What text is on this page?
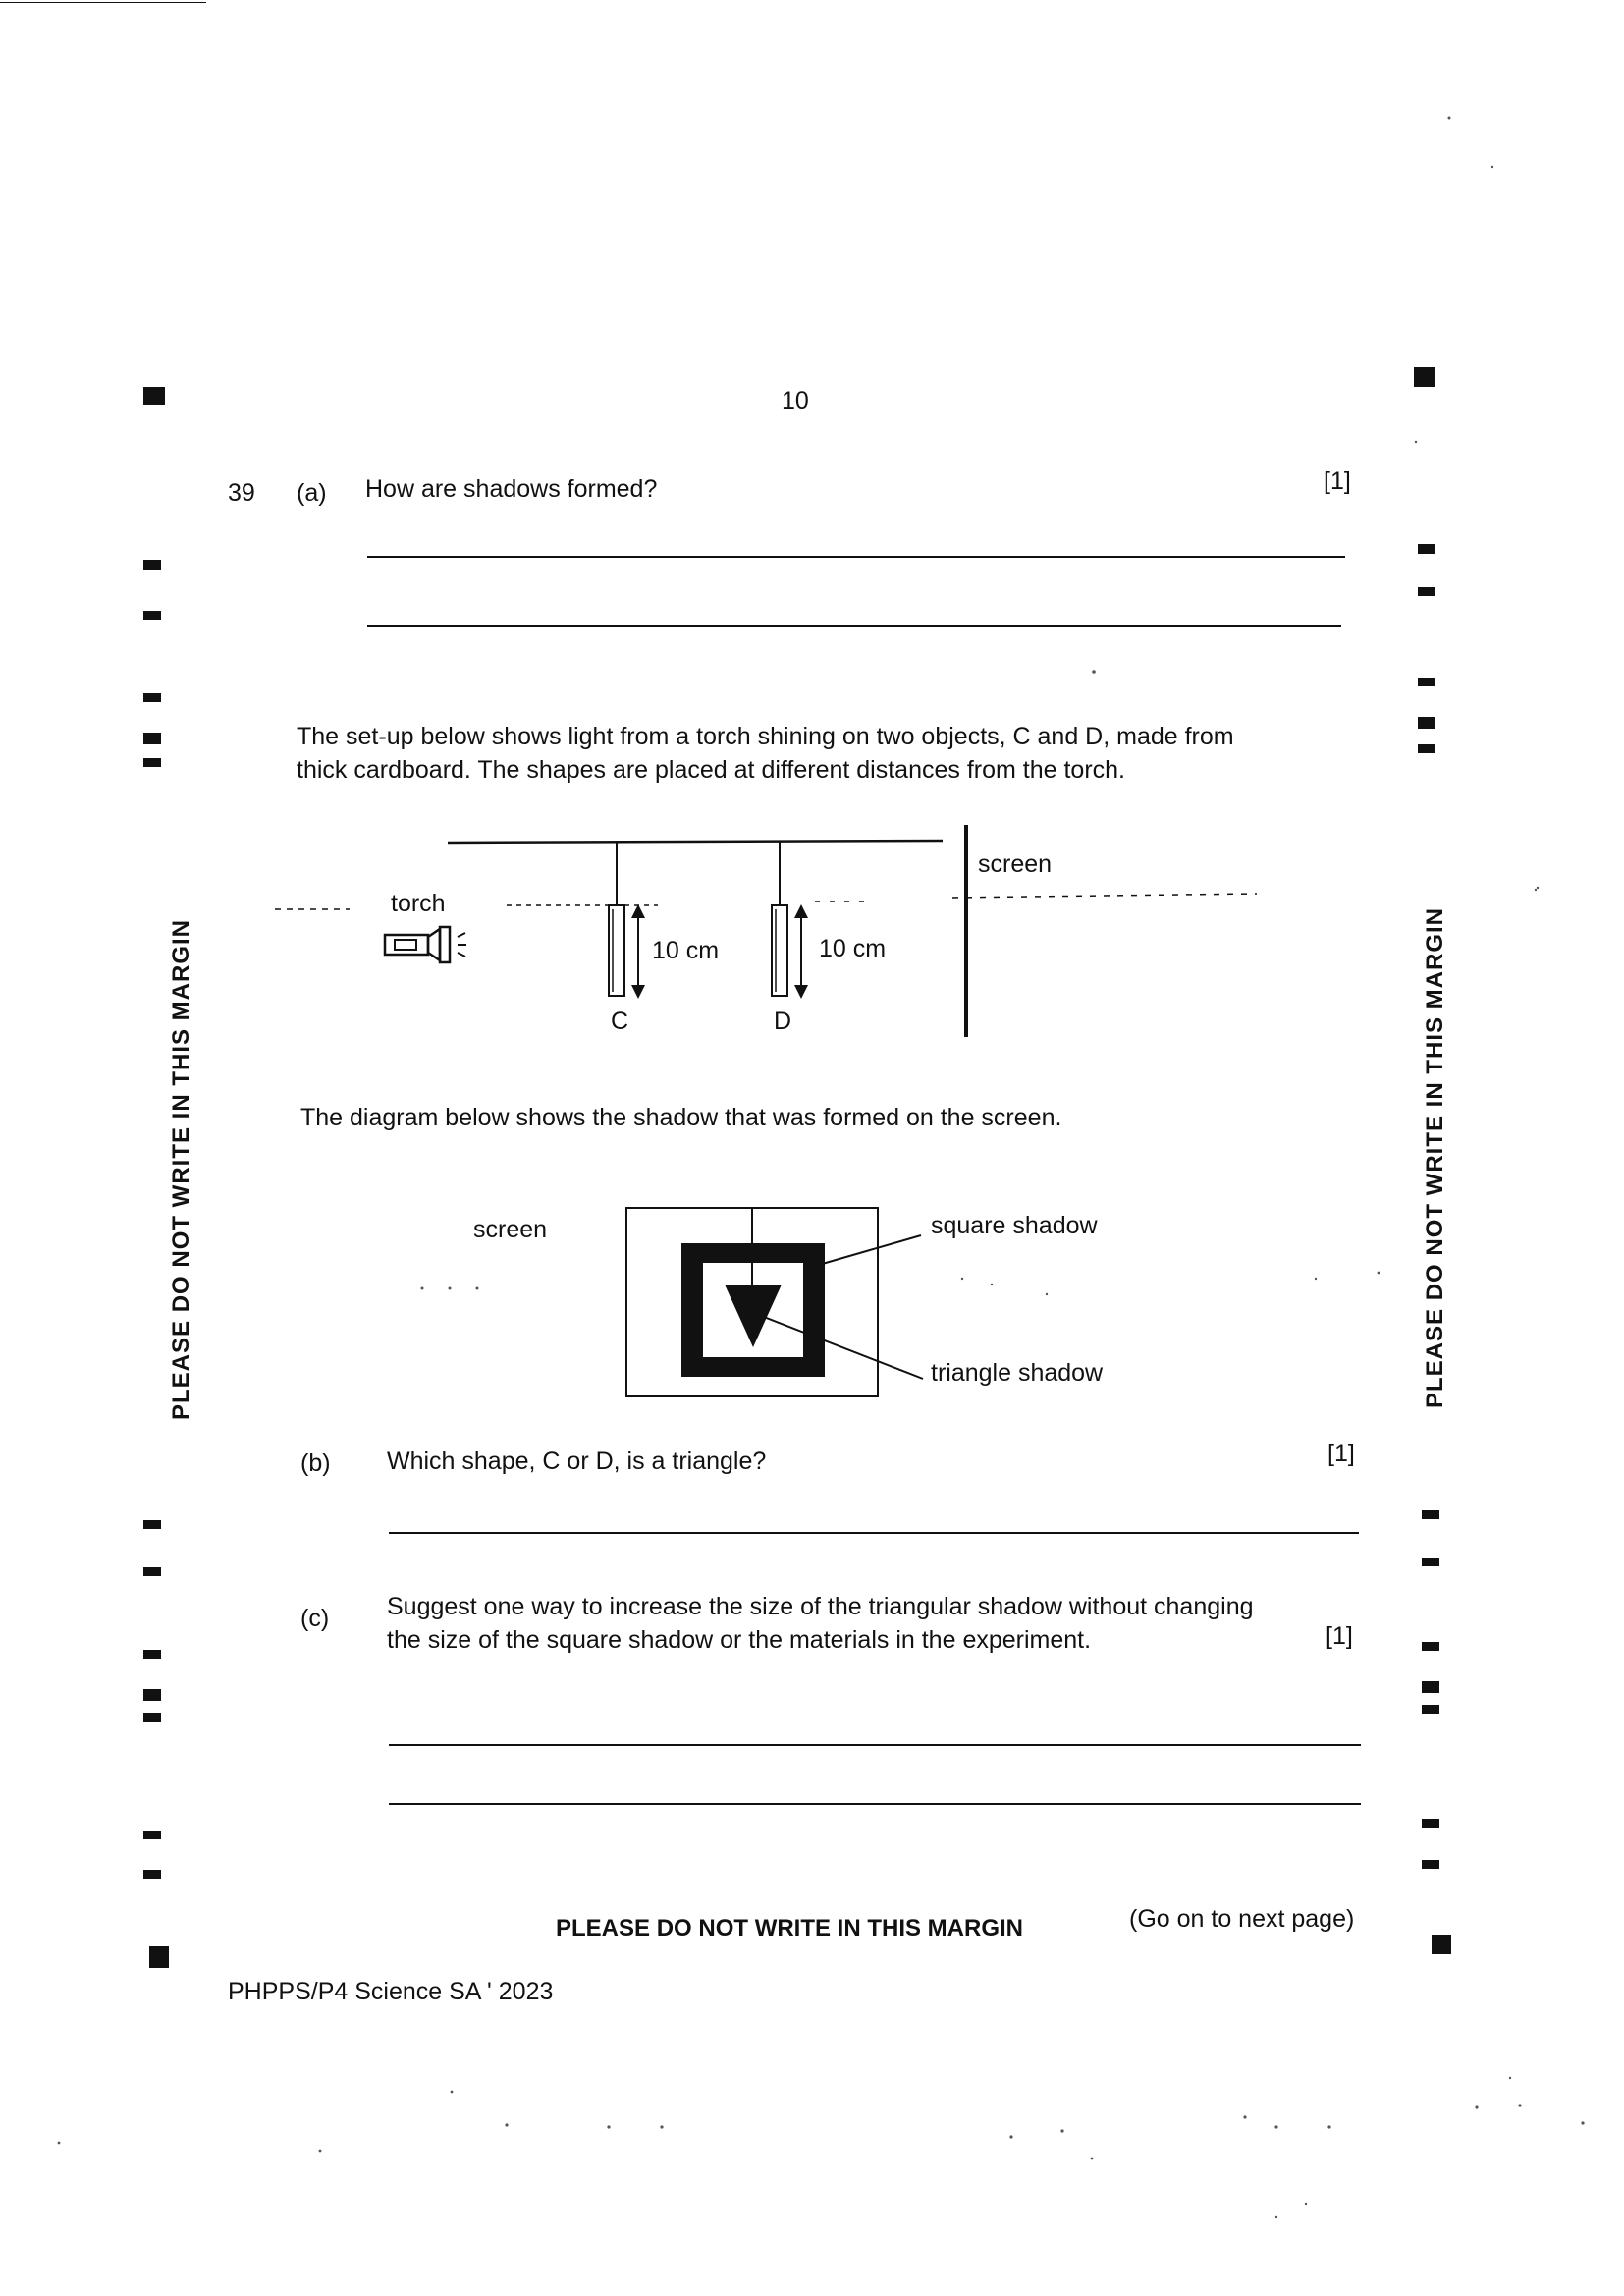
PLEASE DO NOT WRITE IN THIS MARGIN	PLEASE DO NOT WRITE IN THIS MARGIN
10
39 (a) How are shadows formed?	[1]
The set-up below shows light from a torch shining on two objects, C and D, made from
thick cardboard. The shapes are placed at different distances from the torch.
torch
screen
10 cm	10 cm
C	D
The diagram below shows the shadow that was formed on the screen.
screen	square shadow
triangle shadow
(b) Which shape, C or D, is a triangle?	[1]
(c) Suggest one way to increase the size of the triangular shadow without changing
the size of the square shadow or the materials in the experiment.	[1]
PLEASE DO NOT WRITE IN THIS MARGIN	(Go on to next page)
PHPPS/P4 Science SA ' 2023
